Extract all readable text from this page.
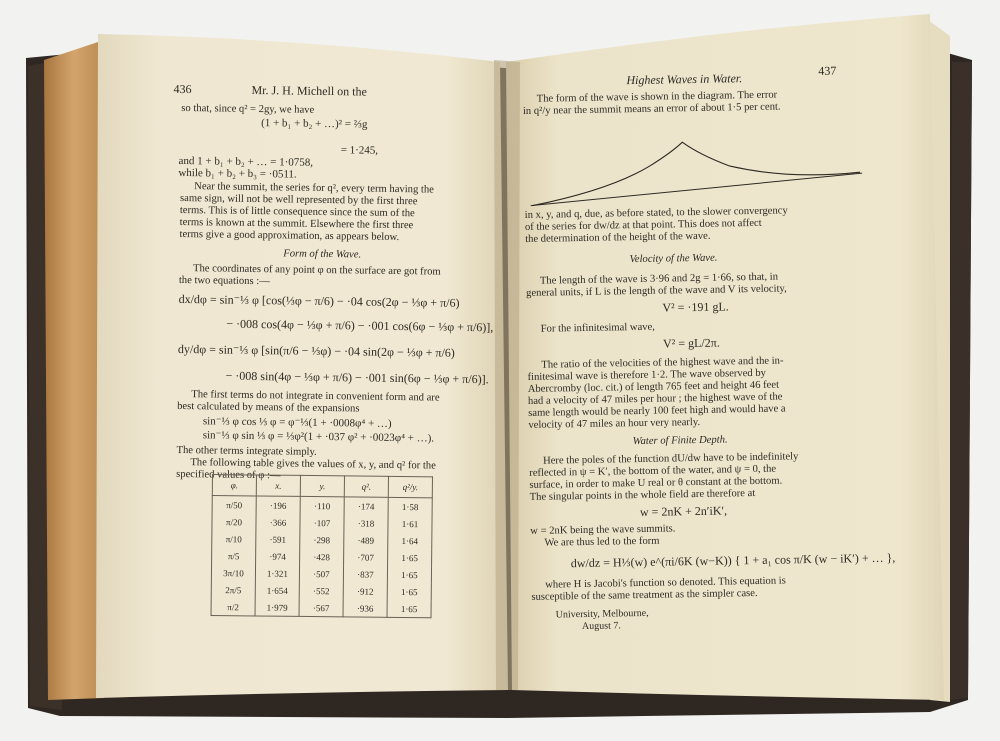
436	Mr. J. H. Michell on the
so that, since q² = 2gy, we have
(1 + b₁ + b₂ + …)² = ⅔g
= 1·245,
and 1 + b₁ + b₂ + … = 1·0758,
while b₁ + b₂ + b₃ = ·0511.
Near the summit, the series for q², every term having the
same sign, will not be well represented by the first three
terms. This is of little consequence since the sum of the
terms is known at the summit. Elsewhere the first three
terms give a good approximation, as appears below.
Form of the Wave.
The coordinates of any point φ on the surface are got from
the two equations :—
dx/dφ = sin⁻⅓ φ [cos(⅓φ − π/6) − ·04 cos(2φ − ⅓φ + π/6)
− ·008 cos(4φ − ⅓φ + π/6) − ·001 cos(6φ − ⅓φ + π/6)],
dy/dφ = sin⁻⅓ φ [sin(π/6 − ⅓φ) − ·04 sin(2φ − ⅓φ + π/6)
− ·008 sin(4φ − ⅓φ + π/6) − ·001 sin(6φ − ⅓φ + π/6)].
The first terms do not integrate in convenient form and are
best calculated by means of the expansions
sin⁻⅓ φ cos ⅓ φ = φ⁻⅓(1 + ·0008φ⁴ + …)
sin⁻⅓ φ sin ⅓ φ = ⅓φ²(1 + ·037 φ² + ·0023φ⁴ + …).
The other terms integrate simply.
The following table gives the values of x, y, and q² for the
specified values of φ :—
φ.	x.	y.	q².	q²/y.
π/50	·196	·110	·174	1·58
π/20	·366	·107	·318	1·61
π/10	·591	·298	·489	1·64
π/5	·974	·428	·707	1·65
3π/10	1·321	·507	·837	1·65
2π/5	1·654	·552	·912	1·65
π/2	1·979	·567	·936	1·65
Highest Waves in Water.
437
The form of the wave is shown in the diagram. The error
in q²/y near the summit means an error of about 1·5 per cent.
in x, y, and q, due, as before stated, to the slower convergency
of the series for dw/dz at that point. This does not affect
the determination of the height of the wave.
Velocity of the Wave.
The length of the wave is 3·96 and 2g = 1·66, so that, in
general units, if L is the length of the wave and V its velocity,
V² = ·191 gL.
For the infinitesimal wave,
V² = gL/2π.
The ratio of the velocities of the highest wave and the in-
finitesimal wave is therefore 1·2. The wave observed by
Abercromby (loc. cit.) of length 765 feet and height 46 feet
had a velocity of 47 miles per hour ; the highest wave of the
same length would be nearly 100 feet high and would have a
velocity of 47 miles an hour very nearly.
Water of Finite Depth.
Here the poles of the function dU/dw have to be indefinitely
reflected in ψ = K′, the bottom of the water, and ψ = 0, the
surface, in order to make U real or θ constant at the bottom.
The singular points in the whole field are therefore at
w = 2nK + 2n′iK′,
w = 2nK being the wave summits.
We are thus led to the form
dw/dz = H⅓(w) e^(πi/6K (w−K)) { 1 + a₁ cos π/K (w − iK′) + … },
where H is Jacobi's function so denoted. This equation is
susceptible of the same treatment as the simpler case.
University, Melbourne,
August 7.
